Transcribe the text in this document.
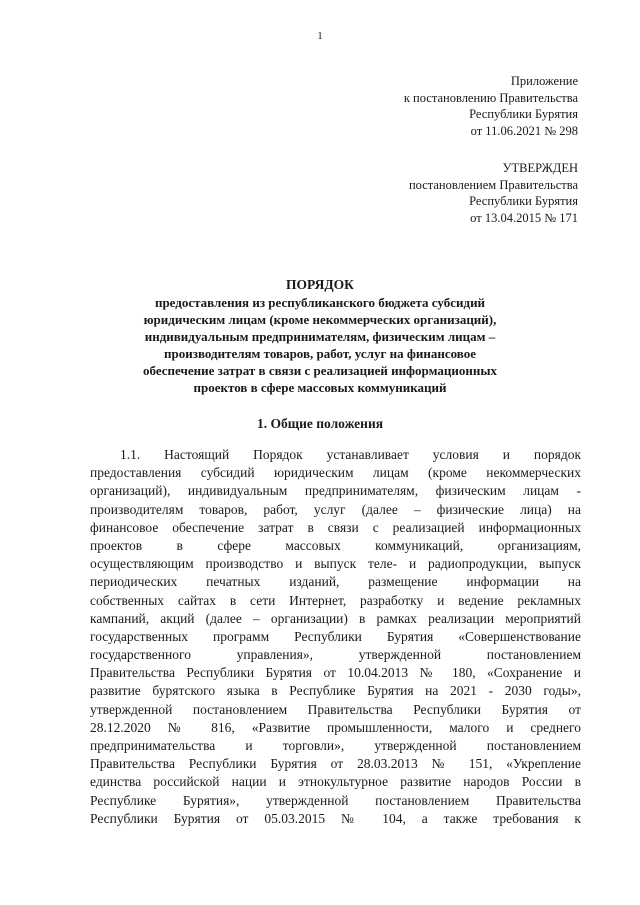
1
Приложение
к постановлению Правительства
Республики Бурятия
от 11.06.2021 № 298
УТВЕРЖДЕН
постановлением Правительства
Республики Бурятия
от 13.04.2015 № 171
ПОРЯДОК
предоставления из республиканского бюджета субсидий
юридическим лицам (кроме некоммерческих организаций),
индивидуальным предпринимателям, физическим лицам –
производителям товаров, работ, услуг на финансовое
обеспечение затрат в связи с реализацией информационных
проектов в сфере массовых коммуникаций
1. Общие положения
1.1. Настоящий Порядок устанавливает условия и порядок
предоставления субсидий юридическим лицам (кроме некоммерческих
организаций), индивидуальным предпринимателям, физическим лицам -
производителям товаров, работ, услуг (далее – физические лица) на
финансовое обеспечение затрат в связи с реализацией информационных
проектов в сфере массовых коммуникаций, организациям,
осуществляющим производство и выпуск теле- и радиопродукции, выпуск
периодических печатных изданий, размещение информации на
собственных сайтах в сети Интернет, разработку и ведение рекламных
кампаний, акций (далее – организации) в рамках реализации мероприятий
государственных программ Республики Бурятия «Совершенствование
государственного управления», утвержденной постановлением
Правительства Республики Бурятия от 10.04.2013 № 180, «Сохранение и
развитие бурятского языка в Республике Бурятия на 2021 - 2030 годы»,
утвержденной постановлением Правительства Республики Бурятия от
28.12.2020 № 816, «Развитие промышленности, малого и среднего
предпринимательства и торговли», утвержденной постановлением
Правительства Республики Бурятия от 28.03.2013 № 151, «Укрепление
единства российской нации и этнокультурное развитие народов России в
Республике Бурятия», утвержденной постановлением Правительства
Республики Бурятия от 05.03.2015 № 104, а также требования к
